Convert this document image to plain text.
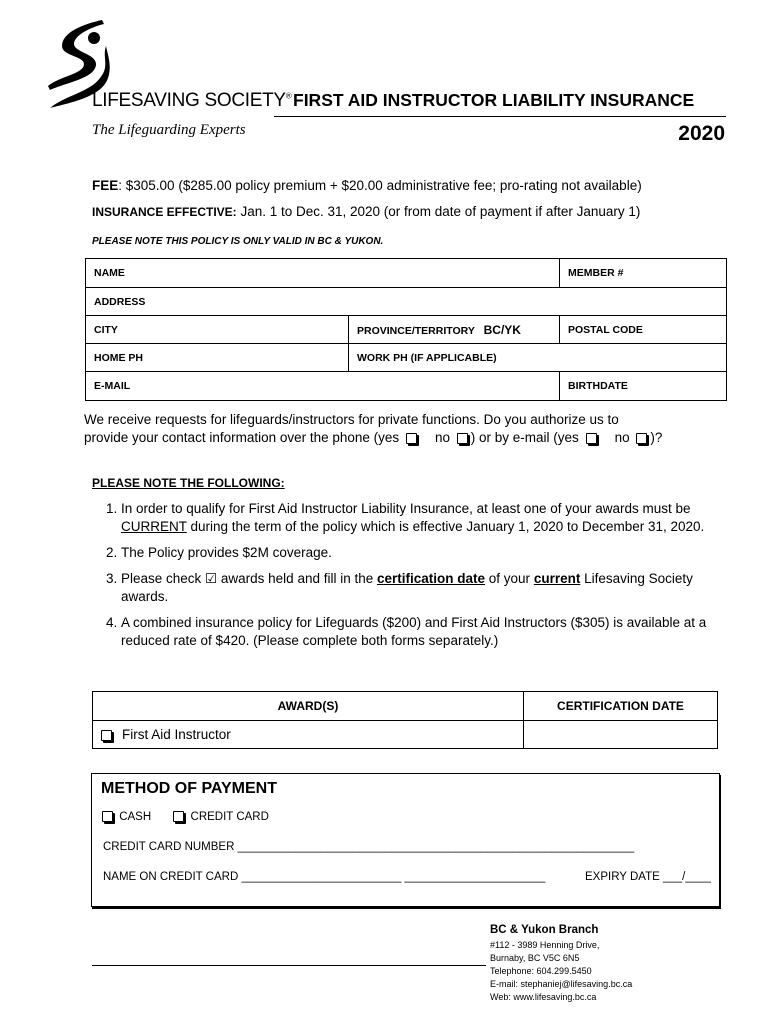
LIFESAVING SOCIETY®
The Lifeguarding Experts
FIRST AID INSTRUCTOR LIABILITY INSURANCE
2020
FEE: $305.00 ($285.00 policy premium + $20.00 administrative fee; pro-rating not available)
INSURANCE EFFECTIVE: Jan. 1 to Dec. 31, 2020 (or from date of payment if after January 1)
PLEASE NOTE THIS POLICY IS ONLY VALID IN BC & YUKON.
NAME		MEMBER #
ADDRESS		
CITY	PROVINCE/TERRITORY BC/YK	POSTAL CODE
HOME PH	WORK PH (IF APPLICABLE)	
E-MAIL		BIRTHDATE
We receive requests for lifeguards/instructors for private functions. Do you authorize us to
provide your contact information over the phone (yes	no ) or by e-mail (yes	no )?
PLEASE NOTE THE FOLLOWING:
1. In order to qualify for First Aid Instructor Liability Insurance, at least one of your awards must be CURRENT during the term of the policy which is effective January 1, 2020 to December 31, 2020.
2. The Policy provides $2M coverage.
3. Please check ☑ awards held and fill in the certification date of your current Lifesaving Society awards.
4. A combined insurance policy for Lifeguards ($200) and First Aid Instructors ($305) is available at a reduced rate of $420. (Please complete both forms separately.)
AWARD(S)	CERTIFICATION DATE
First Aid Instructor	
METHOD OF PAYMENT
CASH	CREDIT CARD
CREDIT CARD NUMBER ______________________________________________________________
NAME ON CREDIT CARD _________________________ ______________________	EXPIRY DATE ___/____
BC & Yukon Branch
#112 - 3989 Henning Drive,
Burnaby, BC V5C 6N5
Telephone: 604.299.5450
E-mail: stephaniej@lifesaving.bc.ca
Web: www.lifesaving.bc.ca
